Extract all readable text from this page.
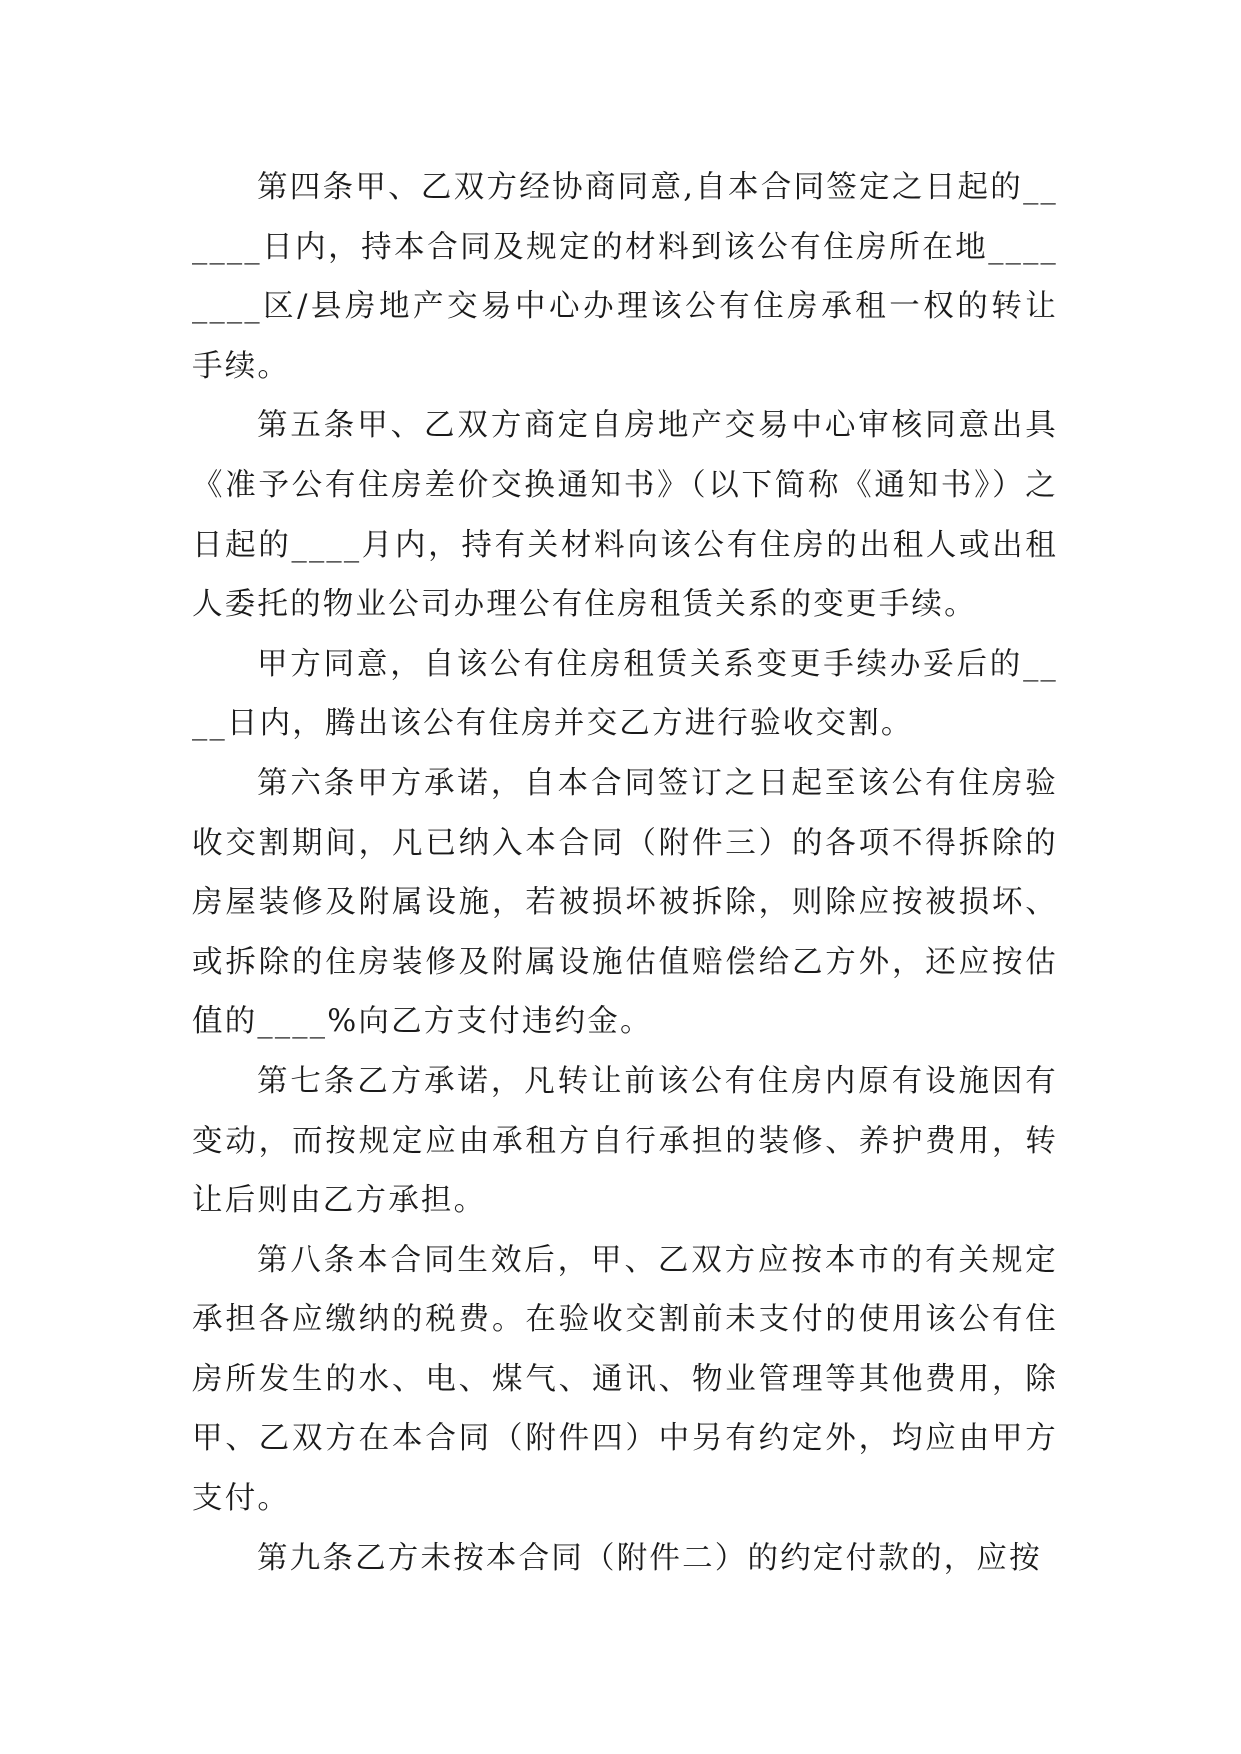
第四条甲、乙双方经协商同意,自本合同签定之日起的______日内，持本合同及规定的材料到该公有住房所在地________区/县房地产交易中心办理该公有住房承租一权的转让手续。

第五条甲、乙双方商定自房地产交易中心审核同意出具《准予公有住房差价交换通知书》（以下简称《通知书》）之日起的____月内，持有关材料向该公有住房的出租人或出租人委托的物业公司办理公有住房租赁关系的变更手续。

甲方同意，自该公有住房租赁关系变更手续办妥后的____日内，腾出该公有住房并交乙方进行验收交割。

第六条甲方承诺，自本合同签订之日起至该公有住房验收交割期间，凡已纳入本合同（附件三）的各项不得拆除的房屋装修及附属设施，若被损坏被拆除，则除应按被损坏、或拆除的住房装修及附属设施估值赔偿给乙方外，还应按估值的____%向乙方支付违约金。

第七条乙方承诺，凡转让前该公有住房内原有设施因有变动，而按规定应由承租方自行承担的装修、养护费用，转让后则由乙方承担。

第八条本合同生效后，甲、乙双方应按本市的有关规定承担各应缴纳的税费。在验收交割前未支付的使用该公有住房所发生的水、电、煤气、通讯、物业管理等其他费用，除甲、乙双方在本合同（附件四）中另有约定外，均应由甲方支付。

第九条乙方未按本合同（附件二）的约定付款的，应按
